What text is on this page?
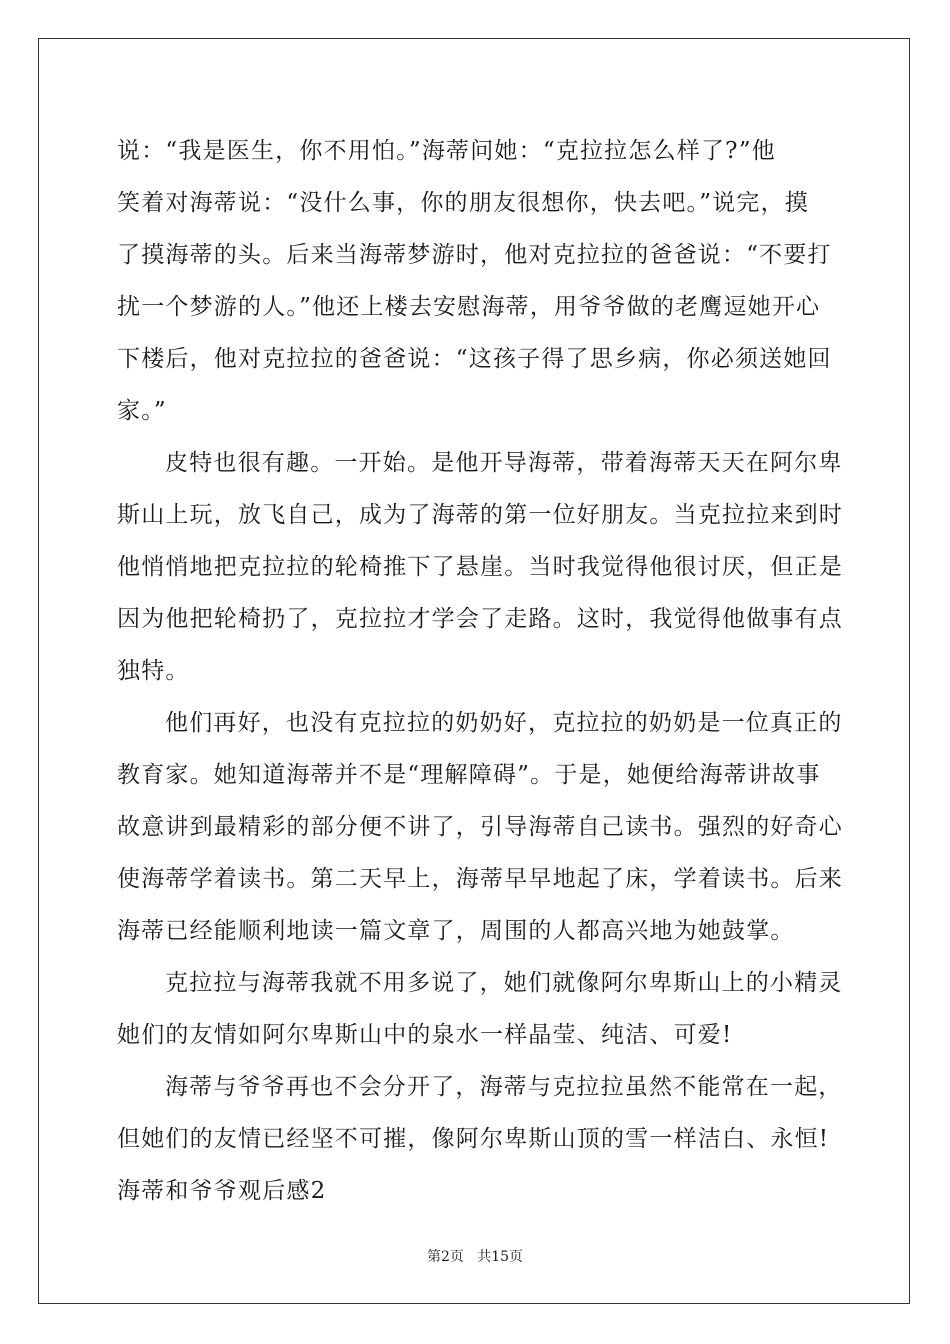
说：“我是医生，你不用怕。”海蒂问她：“克拉拉怎么样了?”他
笑着对海蒂说：“没什么事，你的朋友很想你，快去吧。”说完，摸
了摸海蒂的头。后来当海蒂梦游时，他对克拉拉的爸爸说：“不要打
扰一个梦游的人。”他还上楼去安慰海蒂，用爷爷做的老鹰逗她开心
下楼后，他对克拉拉的爸爸说：“这孩子得了思乡病，你必须送她回
家。”
皮特也很有趣。一开始。是他开导海蒂，带着海蒂天天在阿尔卑
斯山上玩，放飞自己，成为了海蒂的第一位好朋友。当克拉拉来到时
他悄悄地把克拉拉的轮椅推下了悬崖。当时我觉得他很讨厌，但正是
因为他把轮椅扔了，克拉拉才学会了走路。这时，我觉得他做事有点
独特。
他们再好，也没有克拉拉的奶奶好，克拉拉的奶奶是一位真正的
教育家。她知道海蒂并不是“理解障碍”。于是，她便给海蒂讲故事
故意讲到最精彩的部分便不讲了，引导海蒂自己读书。强烈的好奇心
使海蒂学着读书。第二天早上，海蒂早早地起了床，学着读书。后来
海蒂已经能顺利地读一篇文章了，周围的人都高兴地为她鼓掌。
克拉拉与海蒂我就不用多说了，她们就像阿尔卑斯山上的小精灵
她们的友情如阿尔卑斯山中的泉水一样晶莹、纯洁、可爱!
海蒂与爷爷再也不会分开了，海蒂与克拉拉虽然不能常在一起，
但她们的友情已经坚不可摧，像阿尔卑斯山顶的雪一样洁白、永恒!
海蒂和爷爷观后感2
第2页   共15页
